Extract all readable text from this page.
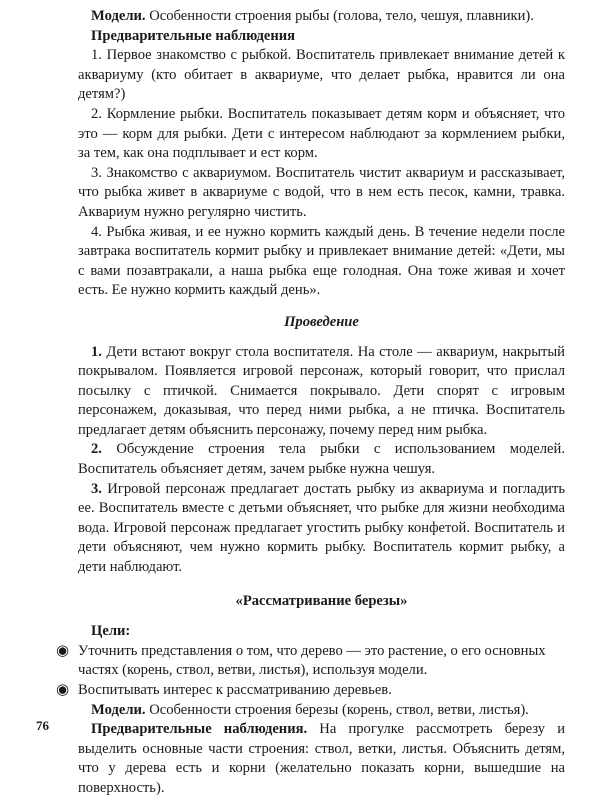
Модели. Особенности строения рыбы (голова, тело, чешуя, плавники).

Предварительные наблюдения

1. Первое знакомство с рыбкой. Воспитатель привлекает внимание детей к аквариуму (кто обитает в аквариуме, что делает рыбка, нравится ли она детям?)

2. Кормление рыбки. Воспитатель показывает детям корм и объясняет, что это — корм для рыбки. Дети с интересом наблюдают за кормлением рыбки, за тем, как она подплывает и ест корм.

3. Знакомство с аквариумом. Воспитатель чистит аквариум и рассказывает, что рыбка живет в аквариуме с водой, что в нем есть песок, камни, травка. Аквариум нужно регулярно чистить.

4. Рыбка живая, и ее нужно кормить каждый день. В течение недели после завтрака воспитатель кормит рыбку и привлекает внимание детей: «Дети, мы с вами позавтракали, а наша рыбка еще голодная. Она тоже живая и хочет есть. Ее нужно кормить каждый день».

Проведение

1. Дети встают вокруг стола воспитателя. На столе — аквариум, накрытый покрывалом. Появляется игровой персонаж, который говорит, что прислал посылку с птичкой. Снимается покрывало. Дети спорят с игровым персонажем, доказывая, что перед ними рыбка, а не птичка. Воспитатель предлагает детям объяснить персонажу, почему перед ним рыбка.

2. Обсуждение строения тела рыбки с использованием моделей. Воспитатель объясняет детям, зачем рыбке нужна чешуя.

3. Игровой персонаж предлагает достать рыбку из аквариума и погладить ее. Воспитатель вместе с детьми объясняет, что рыбке для жизни необходима вода. Игровой персонаж предлагает угостить рыбку конфетой. Воспитатель и дети объясняют, чем нужно кормить рыбку. Воспитатель кормит рыбку, а дети наблюдают.

«Рассматривание березы»
Цели:
◉ Уточнить представления о том, что дерево — это растение, о его основных частях (корень, ствол, ветви, листья), используя модели.
◉ Воспитывать интерес к рассматриванию деревьев.

Модели. Особенности строения березы (корень, ствол, ветви, листья).

Предварительные наблюдения. На прогулке рассмотреть березу и выделить основные части строения: ствол, ветки, листья. Объяснить детям, что у дерева есть и корни (желательно показать корни, вышедшие на поверхность).

76
